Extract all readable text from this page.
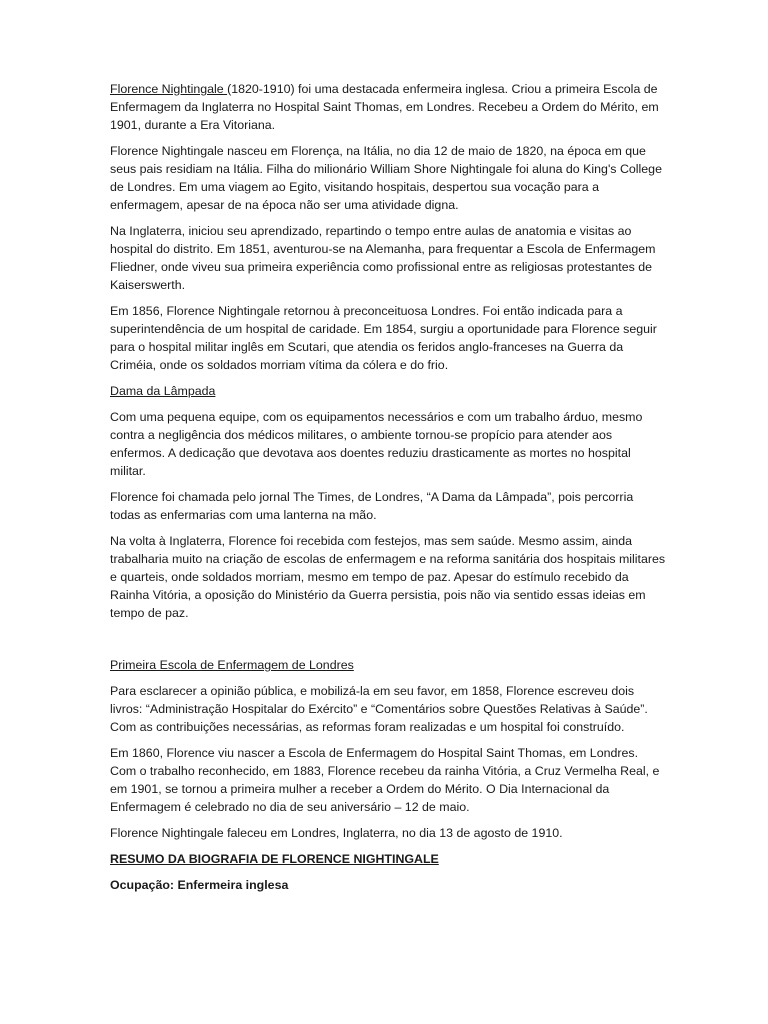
Florence Nightingale (1820-1910) foi uma destacada enfermeira inglesa. Criou a primeira Escola de Enfermagem da Inglaterra no Hospital Saint Thomas, em Londres. Recebeu a Ordem do Mérito, em 1901, durante a Era Vitoriana.

Florence Nightingale nasceu em Florença, na Itália, no dia 12 de maio de 1820, na época em que seus pais residiam na Itália. Filha do milionário William Shore Nightingale foi aluna do King's College de Londres. Em uma viagem ao Egito, visitando hospitais, despertou sua vocação para a enfermagem, apesar de na época não ser uma atividade digna.

Na Inglaterra, iniciou seu aprendizado, repartindo o tempo entre aulas de anatomia e visitas ao hospital do distrito. Em 1851, aventurou-se na Alemanha, para frequentar a Escola de Enfermagem Fliedner, onde viveu sua primeira experiência como profissional entre as religiosas protestantes de Kaiserswerth.

Em 1856, Florence Nightingale retornou à preconceituosa Londres. Foi então indicada para a superintendência de um hospital de caridade. Em 1854, surgiu a oportunidade para Florence seguir para o hospital militar inglês em Scutari, que atendia os feridos anglo-franceses na Guerra da Criméia, onde os soldados morriam vítima da cólera e do frio.

Dama da Lâmpada

Com uma pequena equipe, com os equipamentos necessários e com um trabalho árduo, mesmo contra a negligência dos médicos militares, o ambiente tornou-se propício para atender aos enfermos. A dedicação que devotava aos doentes reduziu drasticamente as mortes no hospital militar.

Florence foi chamada pelo jornal The Times, de Londres, “A Dama da Lâmpada”, pois percorria todas as enfermarias com uma lanterna na mão.

Na volta à Inglaterra, Florence foi recebida com festejos, mas sem saúde. Mesmo assim, ainda trabalharia muito na criação de escolas de enfermagem e na reforma sanitária dos hospitais militares e quarteis, onde soldados morriam, mesmo em tempo de paz. Apesar do estímulo recebido da Rainha Vitória, a oposição do Ministério da Guerra persistia, pois não via sentido essas ideias em tempo de paz.

Primeira Escola de Enfermagem de Londres

Para esclarecer a opinião pública, e mobilizá-la em seu favor, em 1858, Florence escreveu dois livros: “Administração Hospitalar do Exército” e “Comentários sobre Questões Relativas à Saúde”. Com as contribuições necessárias, as reformas foram realizadas e um hospital foi construído.

Em 1860, Florence viu nascer a Escola de Enfermagem do Hospital Saint Thomas, em Londres. Com o trabalho reconhecido, em 1883, Florence recebeu da rainha Vitória, a Cruz Vermelha Real, e em 1901, se tornou a primeira mulher a receber a Ordem do Mérito. O Dia Internacional da Enfermagem é celebrado no dia de seu aniversário – 12 de maio.

Florence Nightingale faleceu em Londres, Inglaterra, no dia 13 de agosto de 1910.

RESUMO DA BIOGRAFIA DE FLORENCE NIGHTINGALE

Ocupação: Enfermeira inglesa
